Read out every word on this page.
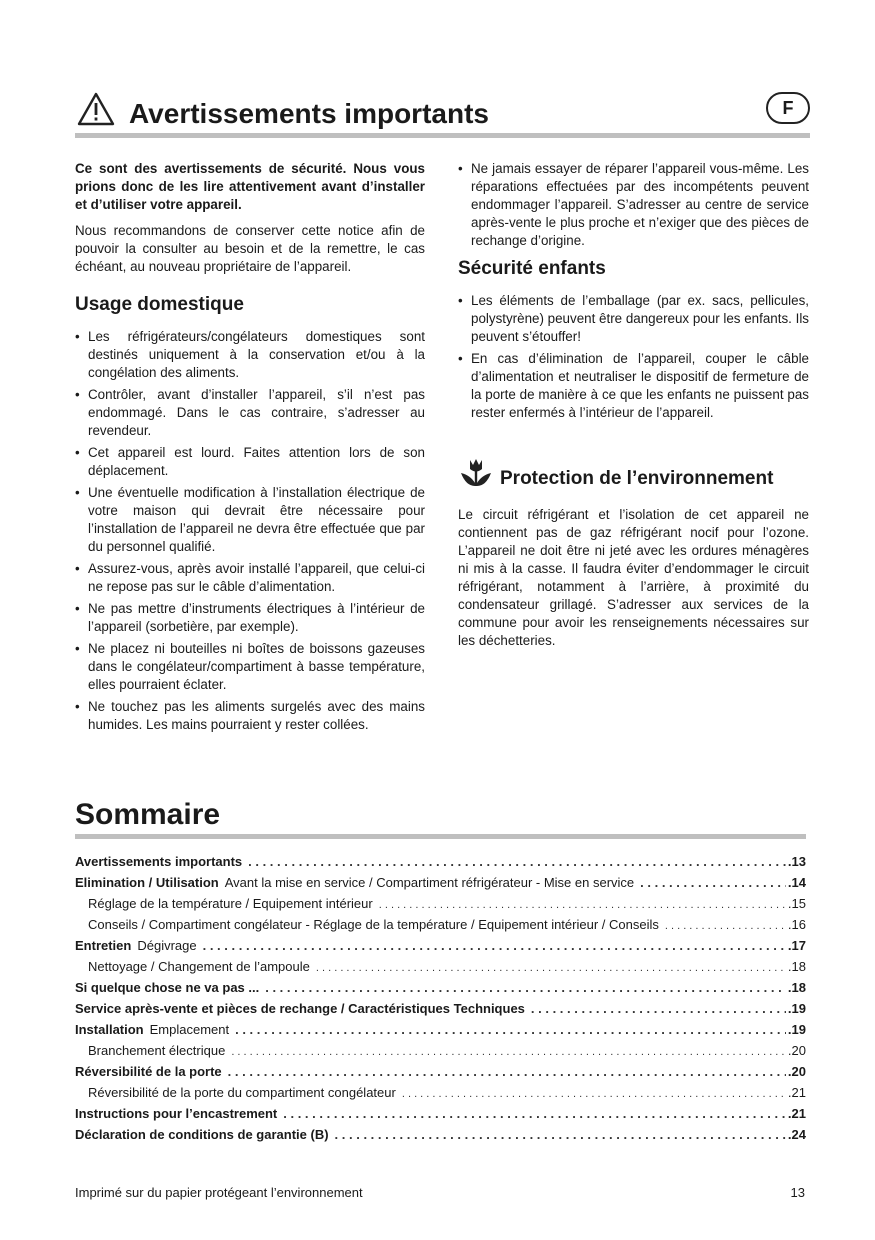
Avertissements importants	F

Ce sont des avertissements de sécurité. Nous vous prions donc de les lire attentivement avant d’installer et d’utiliser votre appareil.

Nous recommandons de conserver cette notice afin de pouvoir la consulter au besoin et de la remettre, le cas échéant, au nouveau propriétaire de l’appareil.

Usage domestique
• Les réfrigérateurs/congélateurs domestiques sont destinés uniquement à la conservation et/ou à la congélation des aliments.
• Contrôler, avant d’installer l’appareil, s’il n’est pas endommagé. Dans le cas contraire, s’adresser au revendeur.
• Cet appareil est lourd. Faites attention lors de son déplacement.
• Une éventuelle modification à l’installation électrique de votre maison qui devrait être nécessaire pour l’installation de l’appareil ne devra être effectuée que par du personnel qualifié.
• Assurez-vous, après avoir installé l’appareil, que celui-ci ne repose pas sur le câble d’alimentation.
• Ne pas mettre d’instruments électriques à l’intérieur de l’appareil (sorbetière, par exemple).
• Ne placez ni bouteilles ni boîtes de boissons gazeuses dans le congélateur/compartiment à basse température, elles pourraient éclater.
• Ne touchez pas les aliments surgelés avec des mains humides. Les mains pourraient y rester collées.
• Ne jamais essayer de réparer l’appareil vous-même. Les réparations effectuées par des incompétents peuvent endommager l’appareil. S’adresser au centre de service après-vente le plus proche et n’exiger que des pièces de rechange d’origine.
Sécurité enfants
• Les éléments de l’emballage (par ex. sacs, pellicules, polystyrène) peuvent être dangereux pour les enfants. Ils peuvent s’étouffer!
• En cas d’élimination de l’appareil, couper le câble d’alimentation et neutraliser le dispositif de fermeture de la porte de manière à ce que les enfants ne puissent pas rester enfermés à l’intérieur de l’appareil.
Protection de l’environnement

Le circuit réfrigérant et l’isolation de cet appareil ne contiennent pas de gaz réfrigérant nocif pour l’ozone. L’appareil ne doit être ni jeté avec les ordures ménagères ni mis à la casse. Il faudra éviter d’endommager le circuit réfrigérant, notamment à l’arrière, à proximité du condensateur grillagé. S’adresser aux services de la commune pour avoir les renseignements nécessaires sur les déchetteries.

Sommaire
Avertissements importants . . .	.13
Elimination / Utilisation Avant la mise en service / Compartiment réfrigérateur - Mise en service . . .	.14
Réglage de la température / Equipement intérieur . . .	.15
Conseils / Compartiment congélateur - Réglage de la température / Equipement intérieur / Conseils . . .	.16
Entretien Dégivrage . . .	.17
Nettoyage / Changement de l’ampoule . . .	.18
Si quelque chose ne va pas ... . . .	.18
Service après-vente et pièces de rechange / Caractéristiques Techniques . . .	.19
Installation Emplacement . . .	.19
Branchement électrique . . .	.20
Réversibilité de la porte . . .	.20
Réversibilité de la porte du compartiment congélateur . . .	.21
Instructions pour l’encastrement . . .	.21
Déclaration de conditions de garantie (B) . . .	.24
Imprimé sur du papier protégeant l’environnement	13
